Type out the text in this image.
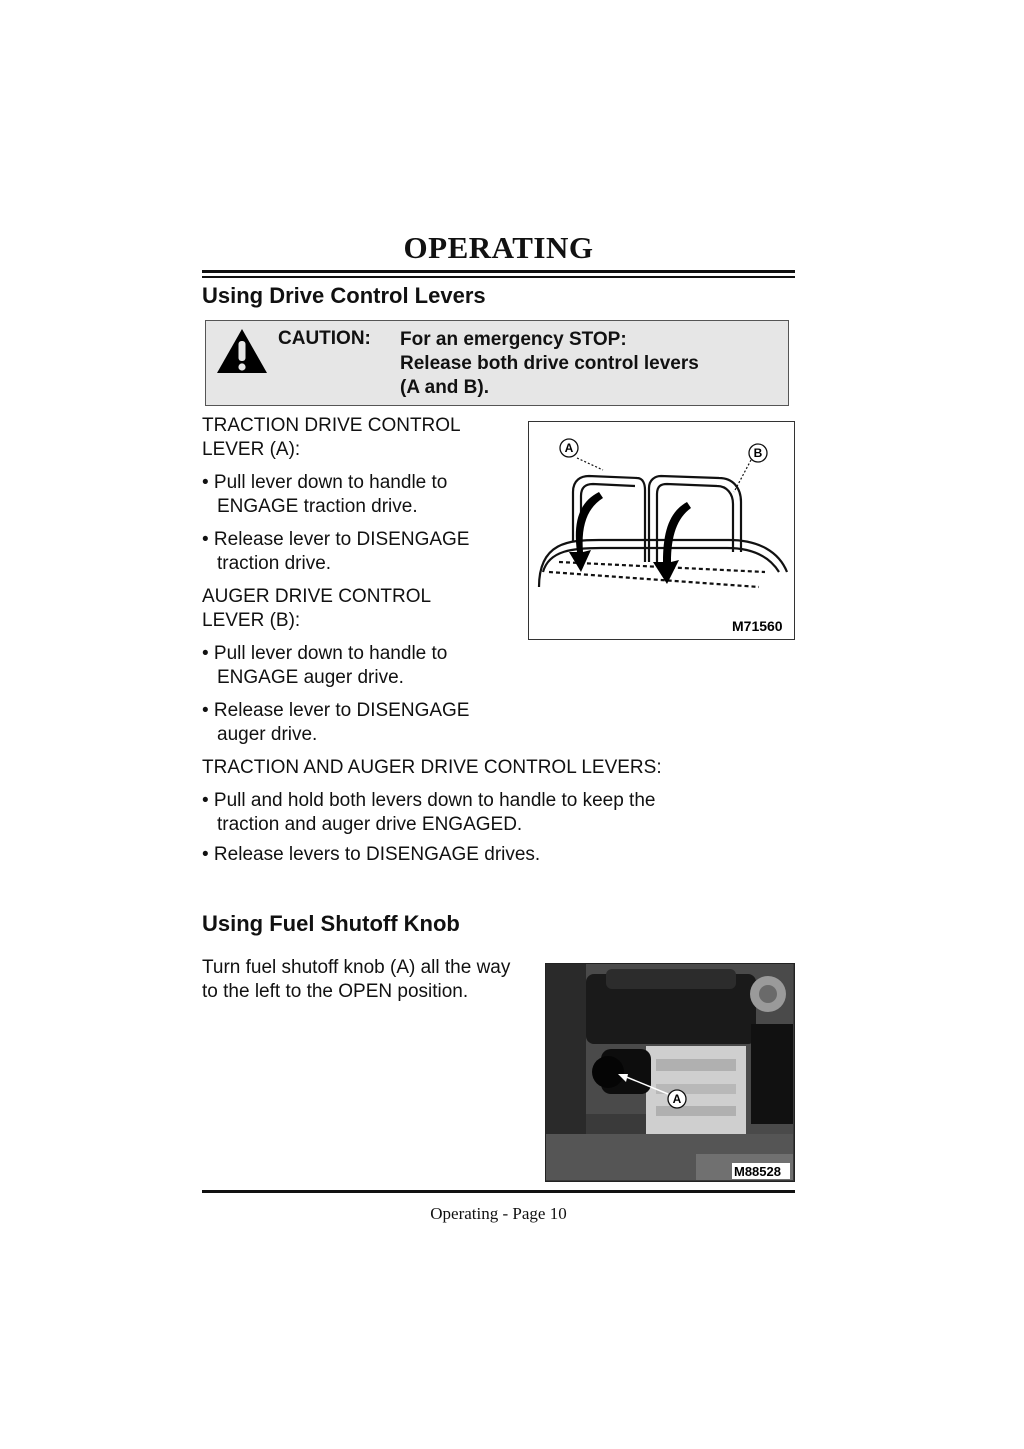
OPERATING
Using Drive Control Levers
CAUTION: For an emergency STOP:
Release both drive control levers
(A and B).
TRACTION DRIVE CONTROL
LEVER (A):
• Pull lever down to handle to
ENGAGE traction drive.
• Release lever to DISENGAGE
traction drive.
AUGER DRIVE CONTROL
LEVER (B):
• Pull lever down to handle to
ENGAGE auger drive.
• Release lever to DISENGAGE
auger drive.
TRACTION AND AUGER DRIVE CONTROL LEVERS:
• Pull and hold both levers down to handle to keep the
traction and auger drive ENGAGED.
• Release levers to DISENGAGE drives.
A	B
M71560
Using Fuel Shutoff Knob
Turn fuel shutoff knob (A) all the way
to the left to the OPEN position.
A
M88528
Operating - Page 10
